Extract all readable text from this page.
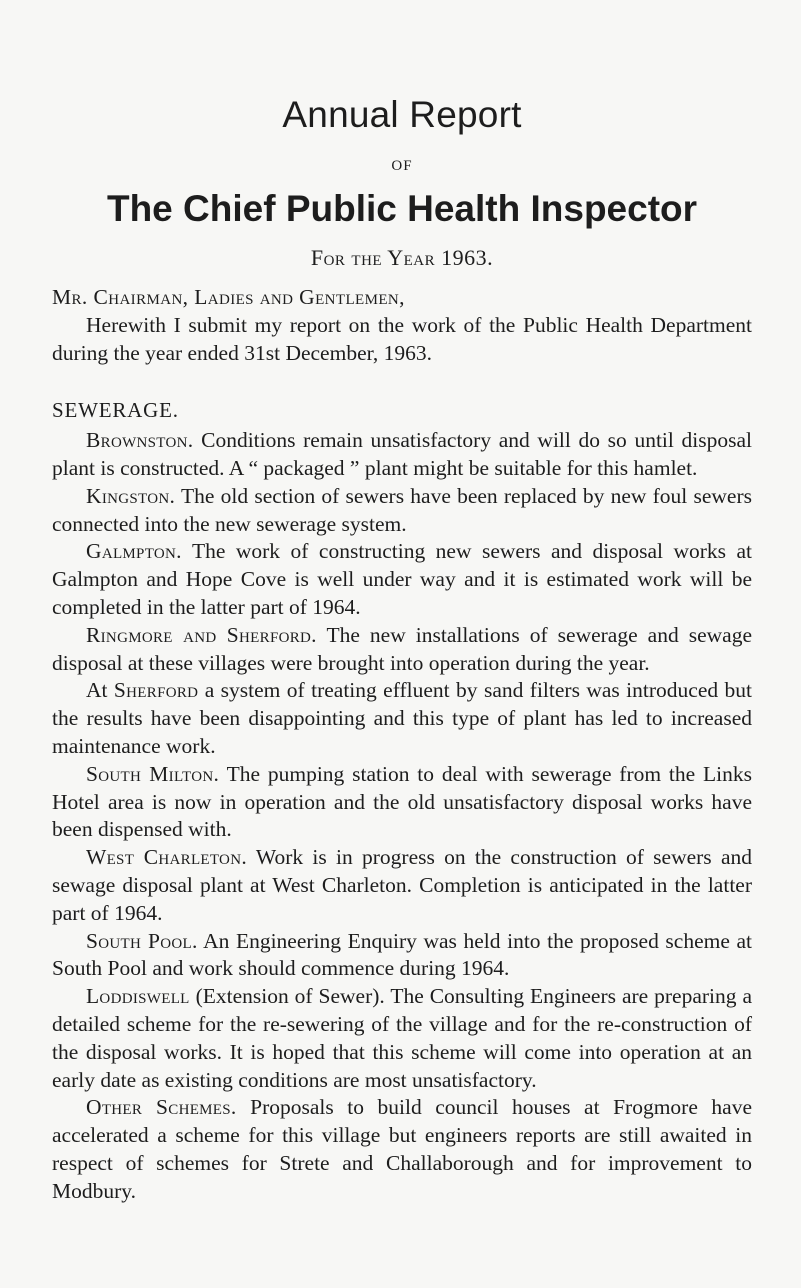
Annual Report
OF
The Chief Public Health Inspector
For the Year 1963.
Mr. Chairman, Ladies and Gentlemen,

Herewith I submit my report on the work of the Public Health Department during the year ended 31st December, 1963.

SEWERAGE.

Brownston. Conditions remain unsatisfactory and will do so until disposal plant is constructed. A “ packaged ” plant might be suitable for this hamlet.

Kingston. The old section of sewers have been replaced by new foul sewers connected into the new sewerage system.

Galmpton. The work of constructing new sewers and disposal works at Galmpton and Hope Cove is well under way and it is estimated work will be completed in the latter part of 1964.

Ringmore and Sherford. The new installations of sewerage and sewage disposal at these villages were brought into operation during the year.

At Sherford a system of treating effluent by sand filters was introduced but the results have been disappointing and this type of plant has led to increased maintenance work.

South Milton. The pumping station to deal with sewerage from the Links Hotel area is now in operation and the old unsatisfactory disposal works have been dispensed with.

West Charleton. Work is in progress on the construction of sewers and sewage disposal plant at West Charleton. Completion is anticipated in the latter part of 1964.

South Pool. An Engineering Enquiry was held into the proposed scheme at South Pool and work should commence during 1964.

Loddiswell (Extension of Sewer). The Consulting Engineers are preparing a detailed scheme for the re-sewering of the village and for the re-construction of the disposal works. It is hoped that this scheme will come into operation at an early date as existing conditions are most unsatisfactory.

Other Schemes. Proposals to build council houses at Frogmore have accelerated a scheme for this village but engineers reports are still awaited in respect of schemes for Strete and Challaborough and for improvement to Modbury.
